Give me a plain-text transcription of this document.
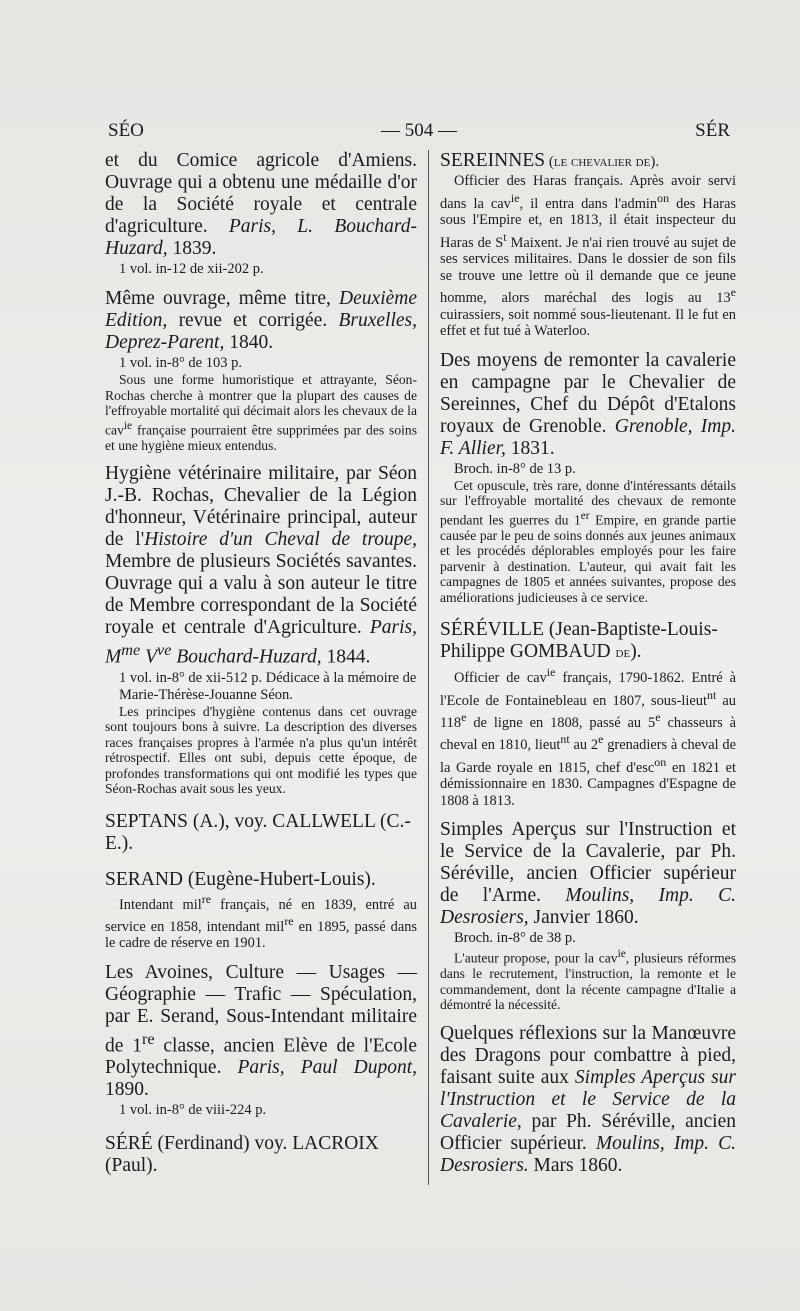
SÉO	— 504 —	SÉR

et du Comice agricole d'Amiens. Ouvrage qui a obtenu une médaille d'or de la Société royale et centrale d'agriculture. Paris, L. Bouchard-Huzard, 1839.

1 vol. in-12 de xii-202 p.

Même ouvrage, même titre, Deuxième Edition, revue et corrigée. Bruxelles, Deprez-Parent, 1840.

1 vol. in-8° de 103 p.

Sous une forme humoristique et attrayante, Séon-Rochas cherche à montrer que la plupart des causes de l'effroyable mortalité qui décimait alors les chevaux de la cav$^{ie}$ française pourraient être supprimées par des soins et une hygiène mieux entendus.

Hygiène vétérinaire militaire, par Séon J.-B. Rochas, Chevalier de la Légion d'honneur, Vétérinaire principal, auteur de l'Histoire d'un Cheval de troupe, Membre de plusieurs Sociétés savantes. Ouvrage qui a valu à son auteur le titre de Membre correspondant de la Société royale et centrale d'Agriculture. Paris, $M^{me}$ $V^{ve}$ Bouchard-Huzard, 1844.

1 vol. in-8° de xii-512 p. Dédicace à la mémoire de Marie-Thérèse-Jouanne Séon.

Les principes d'hygiène contenus dans cet ouvrage sont toujours bons à suivre. La description des diverses races françaises propres à l'armée n'a plus qu'un intérêt rétrospectif. Elles ont subi, depuis cette époque, de profondes transformations qui ont modifié les types que Séon-Rochas avait sous les yeux.

SEPTANS (A.), voy. CALLWELL (C.-E.).

SERAND (Eugène-Hubert-Louis).

Intendant mil$^{re}$ français, né en 1839, entré au service en 1858, intendant mil$^{re}$ en 1895, passé dans le cadre de réserve en 1901.

Les Avoines, Culture — Usages — Géographie — Trafic — Spéculation, par E. Serand, Sous-Intendant militaire de 1re classe, ancien Elève de l'Ecole Polytechnique. Paris, Paul Dupont, 1890.

1 vol. in-8° de viii-224 p.

SÉRÉ (Ferdinand) voy. LACROIX (Paul).

SEREINNES (le chevalier de).

Officier des Haras français. Après avoir servi dans la cav$^{ie}$, il entra dans l'admin$^{on}$ des Haras sous l'Empire et, en 1813, il était inspecteur du Haras de $S^t$ Maixent. Je n'ai rien trouvé au sujet de ses services militaires. Dans le dossier de son fils se trouve une lettre où il demande que ce jeune homme, alors maréchal des logis au 13e cuirassiers, soit nommé sous-lieutenant. Il le fut en effet et fut tué à Waterloo.

Des moyens de remonter la cavalerie en campagne par le Chevalier de Sereinnes, Chef du Dépôt d'Etalons royaux de Grenoble. Grenoble, Imp. F. Allier, 1831.

Broch. in-8° de 13 p.

Cet opuscule, très rare, donne d'intéressants détails sur l'effroyable mortalité des chevaux de remonte pendant les guerres du 1er Empire, en grande partie causée par le peu de soins donnés aux jeunes animaux et les procédés déplorables employés pour les faire parvenir à destination. L'auteur, qui avait fait les campagnes de 1805 et années suivantes, propose des améliorations judicieuses à ce service.

SÉRÉVILLE (Jean-Baptiste-Louis-Philippe GOMBAUD de).

Officier de cav$^{ie}$ français, 1790-1862. Entré à l'Ecole de Fontainebleau en 1807, sous-lieut$^{nt}$ au 118e de ligne en 1808, passé au 5e chasseurs à cheval en 1810, lieut$^{nt}$ au 2e grenadiers à cheval de la Garde royale en 1815, chef d'esc$^{on}$ en 1821 et démissionnaire en 1830. Campagnes d'Espagne de 1808 à 1813.

Simples Aperçus sur l'Instruction et le Service de la Cavalerie, par Ph. Séréville, ancien Officier supérieur de l'Arme. Moulins, Imp. C. Desrosiers, Janvier 1860.

Broch. in-8° de 38 p.

L'auteur propose, pour la cav$^{ie}$, plusieurs réformes dans le recrutement, l'instruction, la remonte et le commandement, dont la récente campagne d'Italie a démontré la nécessité.

Quelques réflexions sur la Manœuvre des Dragons pour combattre à pied, faisant suite aux Simples Aperçus sur l'Instruction et le Service de la Cavalerie, par Ph. Séréville, ancien Officier supérieur. Moulins, Imp. C. Desrosiers. Mars 1860.
